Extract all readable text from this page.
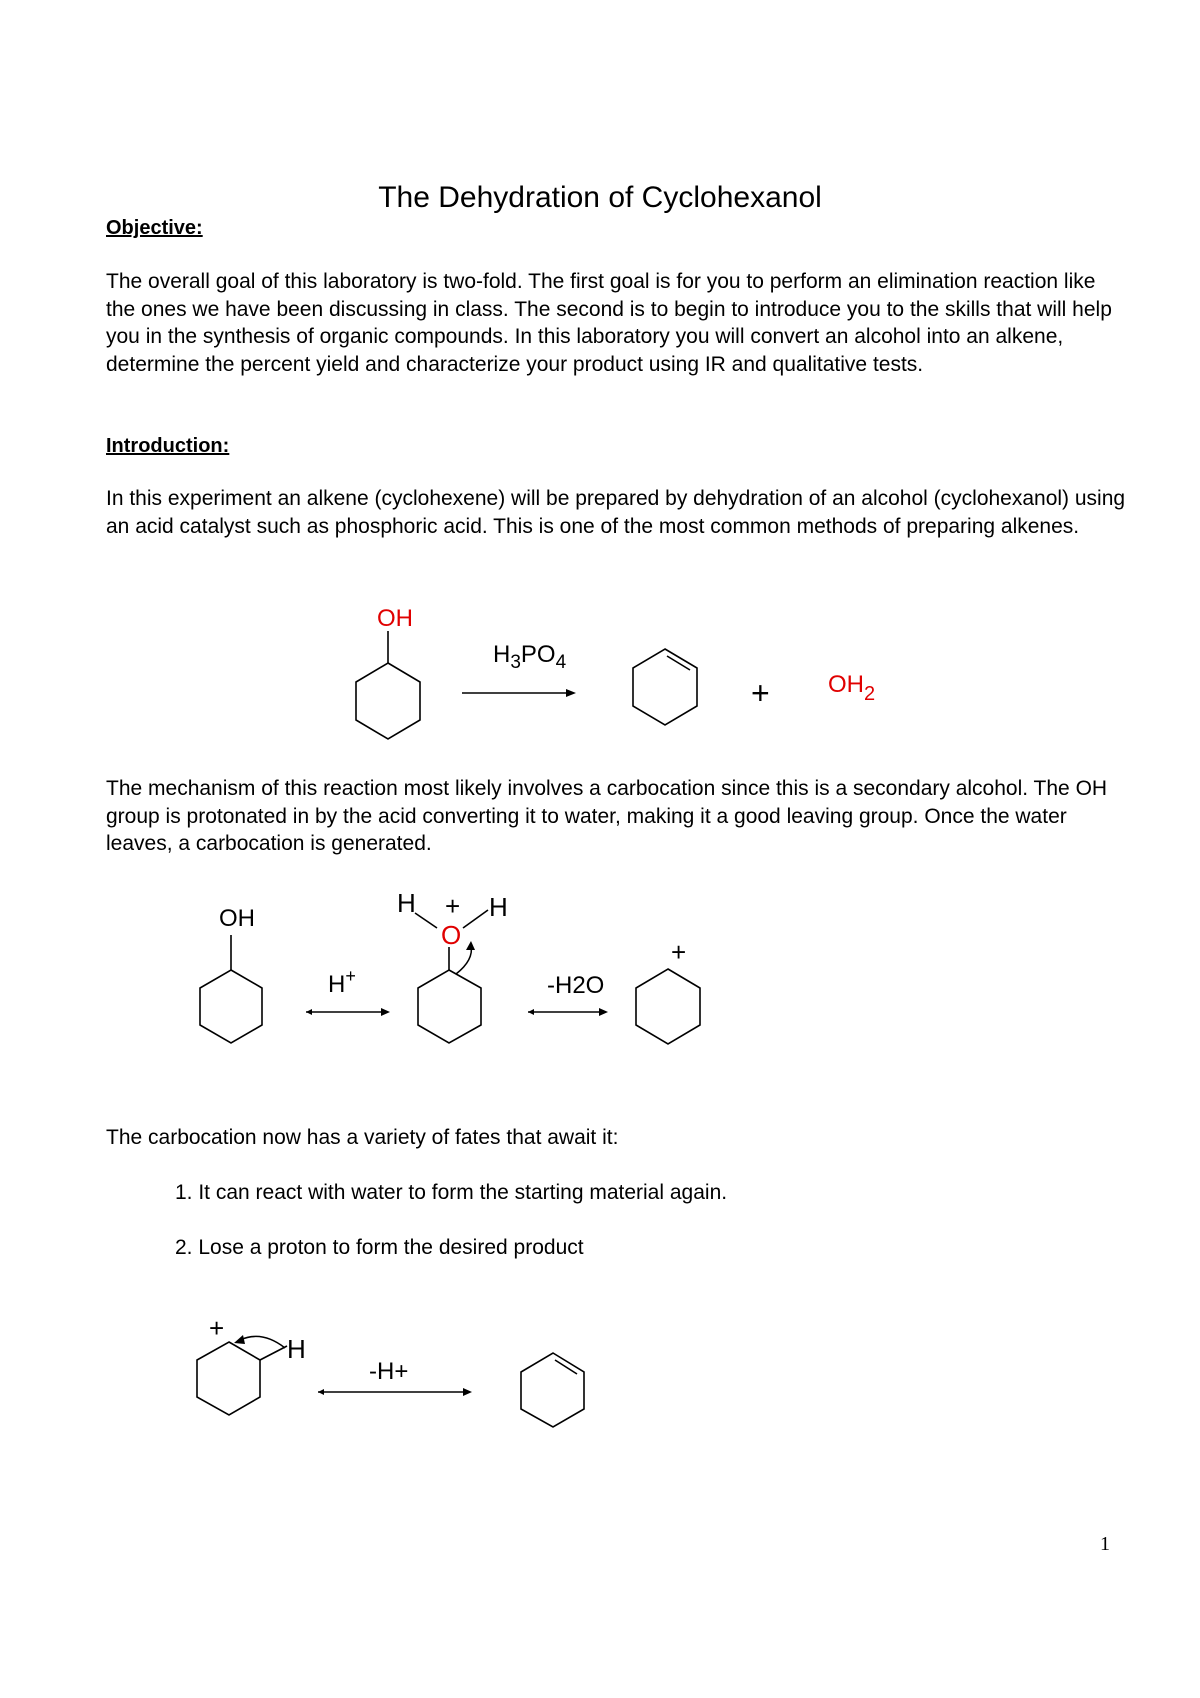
The Dehydration of Cyclohexanol
Objective:
The overall goal of this laboratory is two-fold. The first goal is for you to perform an elimination reaction like the ones we have been discussing in class. The second is to begin to introduce you to the skills that will help you in the synthesis of organic compounds. In this laboratory you will convert an alcohol into an alkene, determine the percent yield and characterize your product using IR and qualitative tests.
Introduction:
In this experiment an alkene (cyclohexene) will be prepared by dehydration of an alcohol (cyclohexanol) using an acid catalyst such as phosphoric acid. This is one of the most common methods of preparing alkenes.
OH
$H_3PO_4$
+ $OH_2$
The mechanism of this reaction most likely involves a carbocation since this is a secondary alcohol. The OH group is protonated in by the acid converting it to water, making it a good leaving group. Once the water leaves, a carbocation is generated.
OH
H+
H + H
O
-H2O
+
The carbocation now has a variety of fates that await it:
1. It can react with water to form the starting material again.
2. Lose a proton to form the desired product
+
H
-H+
1
